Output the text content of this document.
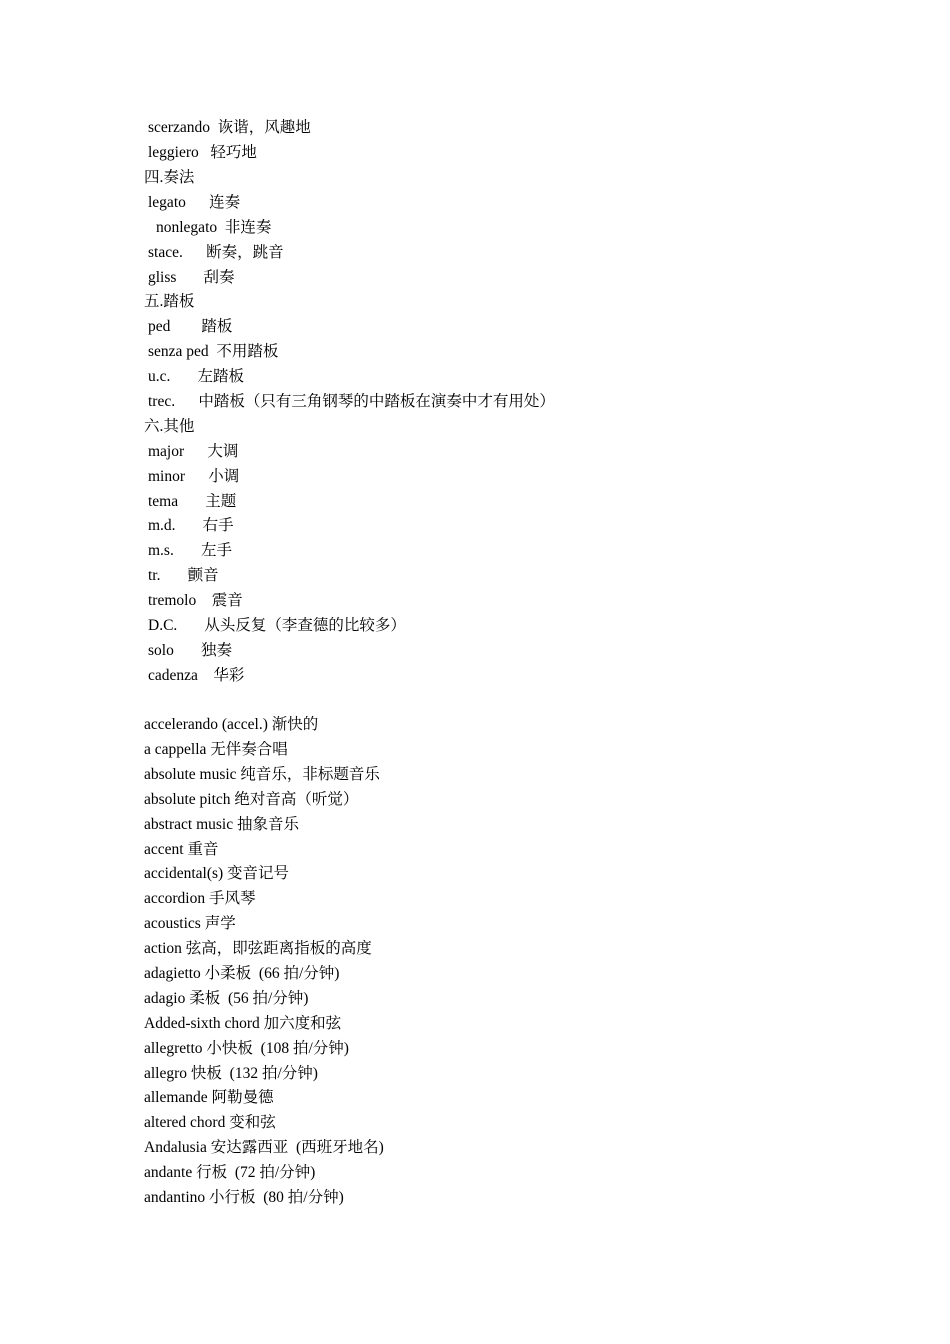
scerzando  诙谐，风趣地
leggiero   轻巧地
四.奏法
legato      连奏
nonlegato  非连奏
stace.      断奏，跳音
gliss       刮奏
五.踏板
ped        踏板
senza ped  不用踏板
u.c.       左踏板
trec.      中踏板（只有三角钢琴的中踏板在演奏中才有用处）
六.其他
major      大调
minor      小调
tema       主题
m.d.       右手
m.s.       左手
tr.       颤音
tremolo    震音
D.C.       从头反复（李查德的比较多）
solo       独奏
cadenza    华彩
accelerando (accel.) 渐快的
a cappella 无伴奏合唱
absolute music 纯音乐，非标题音乐
absolute pitch 绝对音高（听觉）
abstract music 抽象音乐
accent 重音
accidental(s) 变音记号
accordion 手风琴
acoustics 声学
action 弦高，即弦距离指板的高度
adagietto 小柔板  (66 拍/分钟)
adagio 柔板  (56 拍/分钟)
Added-sixth chord 加六度和弦
allegretto 小快板  (108 拍/分钟)
allegro 快板  (132 拍/分钟)
allemande 阿勒曼德
altered chord 变和弦
Andalusia 安达露西亚  (西班牙地名)
andante 行板  (72 拍/分钟)
andantino 小行板  (80 拍/分钟)
